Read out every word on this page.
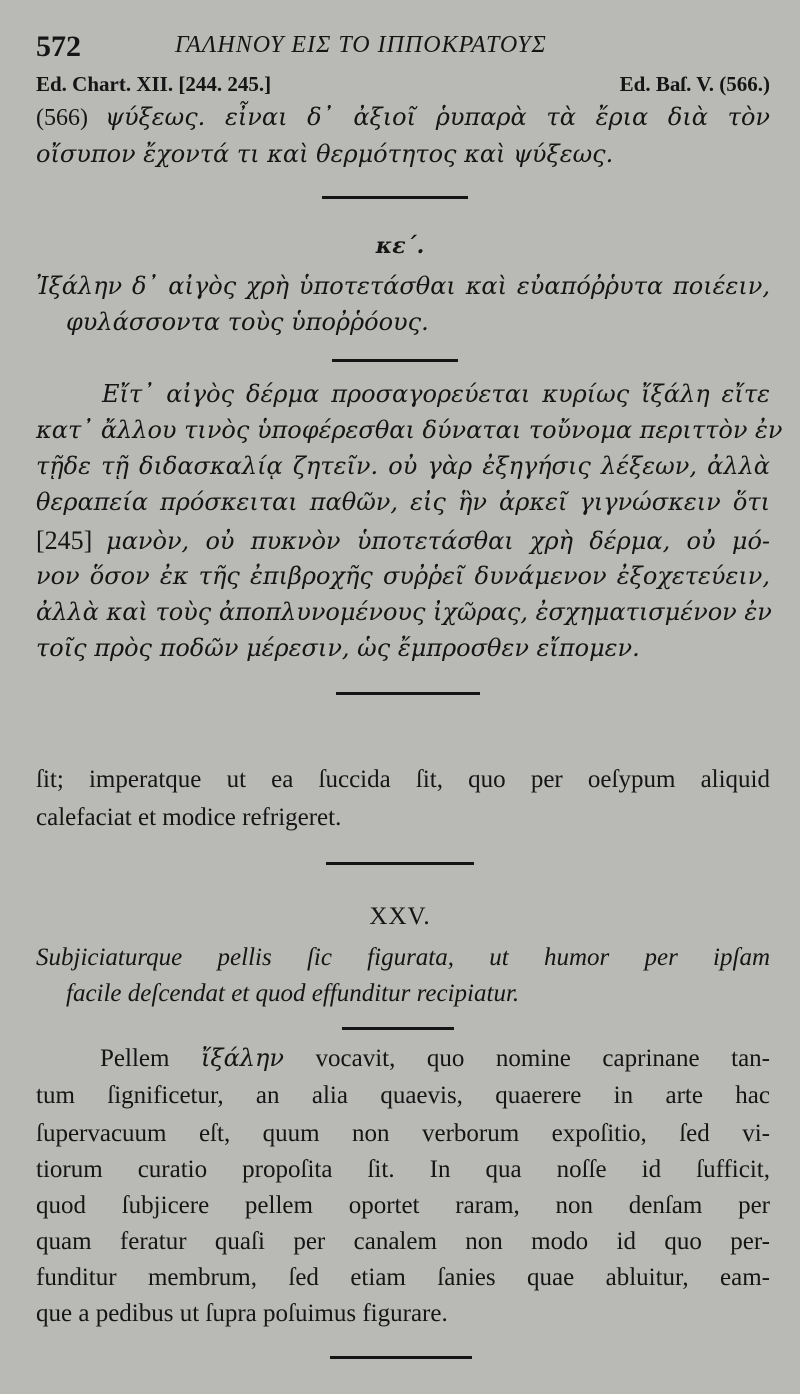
572	ΓΑΛΗΝΟΥ ΕΙΣ ΤΟ ΙΠΠΟΚΡΑΤΟΥΣ
Ed. Chart. XII. [244. 245.]	Ed. Baſ. V. (566.)
(566) ψύξεως. εἶναι δ᾽ ἀξιοῖ ῥυπαρὰ τὰ ἔρια διὰ τὸν
οἴσυπον ἔχοντά τι καὶ θερμότητος καὶ ψύξεως.
κε΄.
Ἰξάλην δ᾽ αἰγὸς χρὴ ὑποτετάσθαι καὶ εὐαπόῤῥυτα ποιέειν,
φυλάσσοντα τοὺς ὑποῤῥόους.
Εἴτ᾽ αἰγὸς δέρμα προσαγορεύεται κυρίως ἴξάλη εἴτε
κατ᾽ ἄλλου τινὸς ὑποφέρεσθαι δύναται τοὔνομα περιττὸν ἐν
τῇδε τῇ διδασκαλίᾳ ζητεῖν. οὐ γὰρ ἐξηγήσις λέξεων, ἀλλὰ
θεραπεία πρόσκειται παθῶν, εἰς ἣν ἀρκεῖ γιγνώσκειν ὅτι
[245] μανὸν, οὐ πυκνὸν ὑποτετάσθαι χρὴ δέρμα, οὐ μό-
νον ὅσον ἐκ τῆς ἐπιβροχῆς συῤῥεῖ δυνάμενον ἐξοχετεύειν,
ἀλλὰ καὶ τοὺς ἀποπλυνομένους ἰχῶρας, ἐσχηματισμένον ἐν
τοῖς πρὸς ποδῶν μέρεσιν, ὡς ἔμπροσθεν εἴπομεν.
ſit; imperatque ut ea ſuccida ſit, quo per oeſypum aliquid
calefaciat et modice refrigeret.
XXV.
Subjiciaturque pellis ſic figurata, ut humor per ipſam
facile deſcendat et quod effunditur recipiatur.
Pellem ἴξάλην vocavit, quo nomine caprinane tan-
tum ſignificetur, an alia quaevis, quaerere in arte hac
ſupervacuum eſt, quum non verborum expoſitio, ſed vi-
tiorum curatio propoſita ſit. In qua noſſe id ſufficit,
quod ſubjicere pellem oportet raram, non denſam per
quam feratur quaſi per canalem non modo id quo per-
funditur membrum, ſed etiam ſanies quae abluitur, eam-
que a pedibus ut ſupra poſuimus figurare.
